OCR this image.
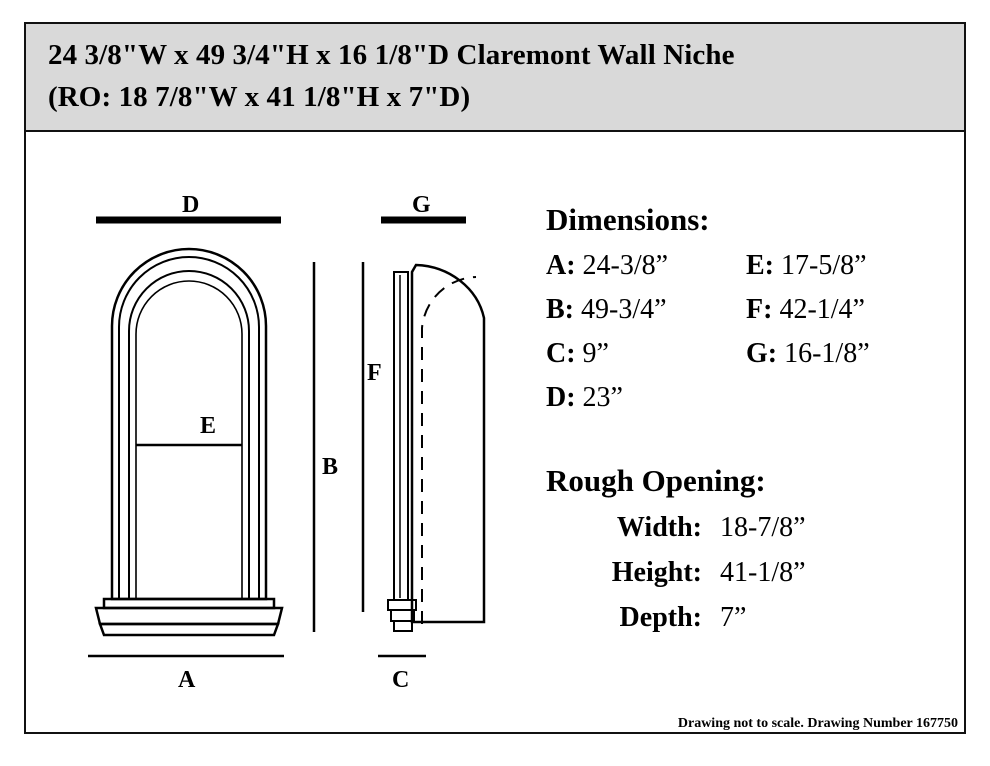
24 3/8"W x 49 3/4"H x 16 1/8"D Claremont Wall Niche
(RO: 18 7/8"W x 41 1/8"H x 7"D)
D
E
B
A
G
F
C
Dimensions:
A: 24-3/8”	E: 17-5/8”
B: 49-3/4”	F: 42-1/4”
C: 9”	G: 16-1/8”
D: 23”
Rough Opening:
Width: 18-7/8”
Height: 41-1/8”
Depth: 7”
Drawing not to scale. Drawing Number 167750
